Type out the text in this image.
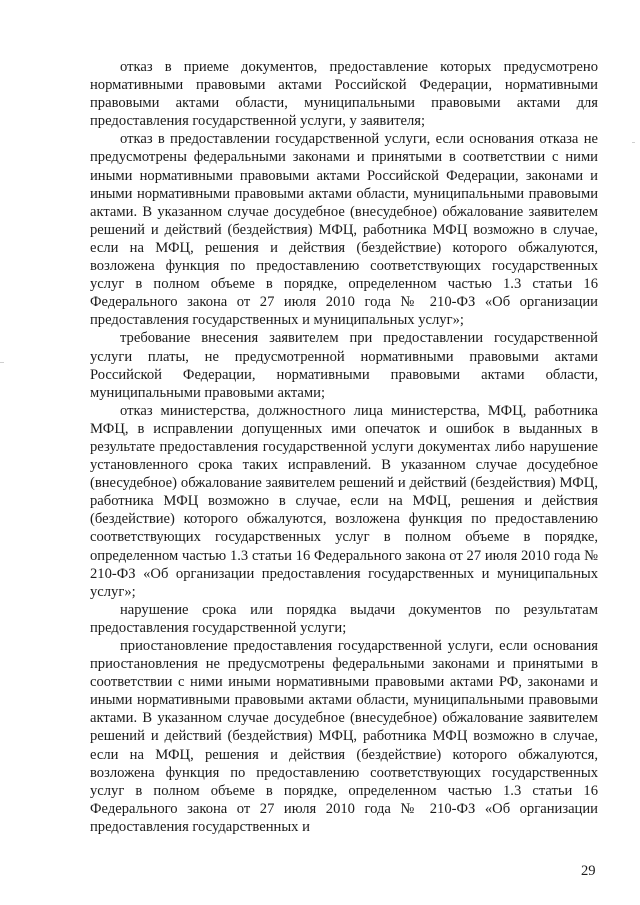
отказ в приеме документов, предоставление которых предусмотрено нормативными правовыми актами Российской Федерации, нормативными правовыми актами области, муниципальными правовыми актами для предоставления государственной услуги, у заявителя;

отказ в предоставлении государственной услуги, если основания отказа не предусмотрены федеральными законами и принятыми в соответствии с ними иными нормативными правовыми актами Российской Федерации, законами и иными нормативными правовыми актами области, муниципальными правовыми актами. В указанном случае досудебное (внесудебное) обжалование заявителем решений и действий (бездействия) МФЦ, работника МФЦ возможно в случае, если на МФЦ, решения и действия (бездействие) которого обжалуются, возложена функция по предоставлению соответствующих государственных услуг в полном объеме в порядке, определенном частью 1.3 статьи 16 Федерального закона от 27 июля 2010 года № 210-ФЗ «Об организации предоставления государственных и муниципальных услуг»;

требование внесения заявителем при предоставлении государственной услуги платы, не предусмотренной нормативными правовыми актами Российской Федерации, нормативными правовыми актами области, муниципальными правовыми актами;

отказ министерства, должностного лица министерства, МФЦ, работника МФЦ, в исправлении допущенных ими опечаток и ошибок в выданных в результате предоставления государственной услуги документах либо нарушение установленного срока таких исправлений. В указанном случае досудебное (внесудебное) обжалование заявителем решений и действий (бездействия) МФЦ, работника МФЦ возможно в случае, если на МФЦ, решения и действия (бездействие) которого обжалуются, возложена функция по предоставлению соответствующих государственных услуг в полном объеме в порядке, определенном частью 1.3 статьи 16 Федерального закона от 27 июля 2010 года № 210-ФЗ «Об организации предоставления государственных и муниципальных услуг»;

нарушение срока или порядка выдачи документов по результатам предоставления государственной услуги;

приостановление предоставления государственной услуги, если основания приостановления не предусмотрены федеральными законами и принятыми в соответствии с ними иными нормативными правовыми актами РФ, законами и иными нормативными правовыми актами области, муниципальными правовыми актами. В указанном случае досудебное (внесудебное) обжалование заявителем решений и действий (бездействия) МФЦ, работника МФЦ возможно в случае, если на МФЦ, решения и действия (бездействие) которого обжалуются, возложена функция по предоставлению соответствующих государственных услуг в полном объеме в порядке, определенном частью 1.3 статьи 16 Федерального закона от 27 июля 2010 года № 210-ФЗ «Об организации предоставления государственных и

29
